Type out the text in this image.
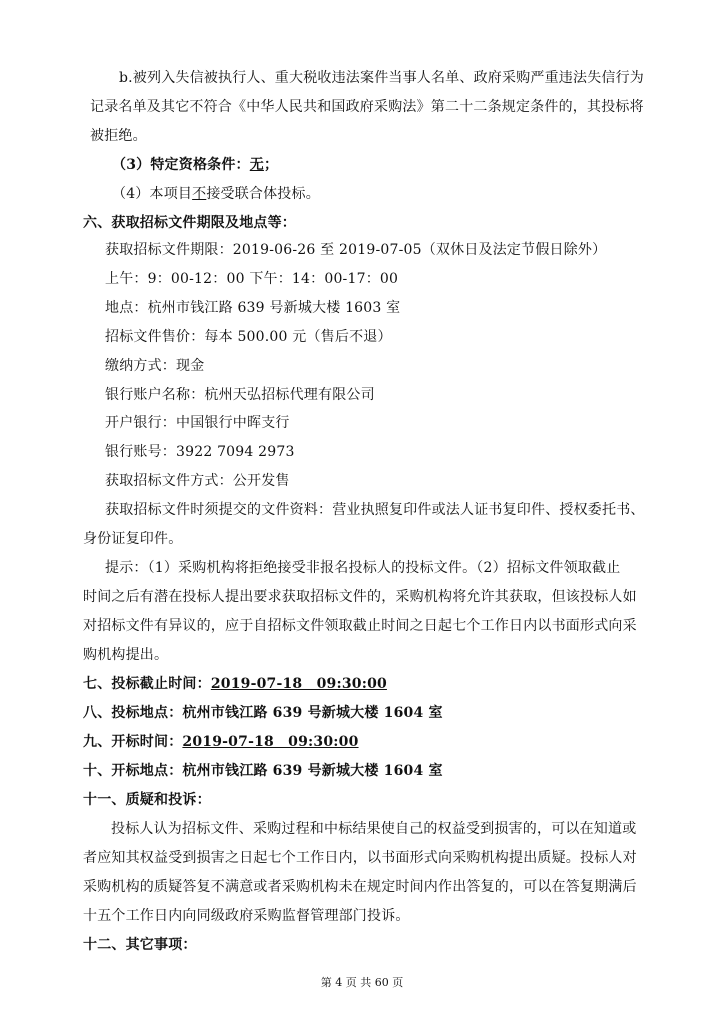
b.被列入失信被执行人、重大税收违法案件当事人名单、政府采购严重违法失信行为
记录名单及其它不符合《中华人民共和国政府采购法》第二十二条规定条件的，其投标将
被拒绝。
（3）特定资格条件：无；
（4）本项目不接受联合体投标。
六、获取招标文件期限及地点等：
获取招标文件期限：2019-06-26 至 2019-07-05（双休日及法定节假日除外）
上午：9：00-12：00 下午：14：00-17：00
地点：杭州市钱江路 639 号新城大楼 1603 室
招标文件售价：每本 500.00 元（售后不退）
缴纳方式：现金
银行账户名称：杭州天弘招标代理有限公司
开户银行：中国银行中晖支行
银行账号：3922 7094 2973
获取招标文件方式：公开发售
获取招标文件时须提交的文件资料：营业执照复印件或法人证书复印件、授权委托书、
身份证复印件。
提示：（1）采购机构将拒绝接受非报名投标人的投标文件。（2）招标文件领取截止
时间之后有潜在投标人提出要求获取招标文件的，采购机构将允许其获取，但该投标人如
对招标文件有异议的，应于自招标文件领取截止时间之日起七个工作日内以书面形式向采
购机构提出。
七、投标截止时间：2019-07-18　09:30:00
八、投标地点：杭州市钱江路 639 号新城大楼 1604 室
九、开标时间：2019-07-18　09:30:00
十、开标地点：杭州市钱江路 639 号新城大楼 1604 室
十一、质疑和投诉：
投标人认为招标文件、采购过程和中标结果使自己的权益受到损害的，可以在知道或
者应知其权益受到损害之日起七个工作日内，以书面形式向采购机构提出质疑。投标人对
采购机构的质疑答复不满意或者采购机构未在规定时间内作出答复的，可以在答复期满后
十五个工作日内向同级政府采购监督管理部门投诉。
十二、其它事项：
第 4 页 共 60 页
